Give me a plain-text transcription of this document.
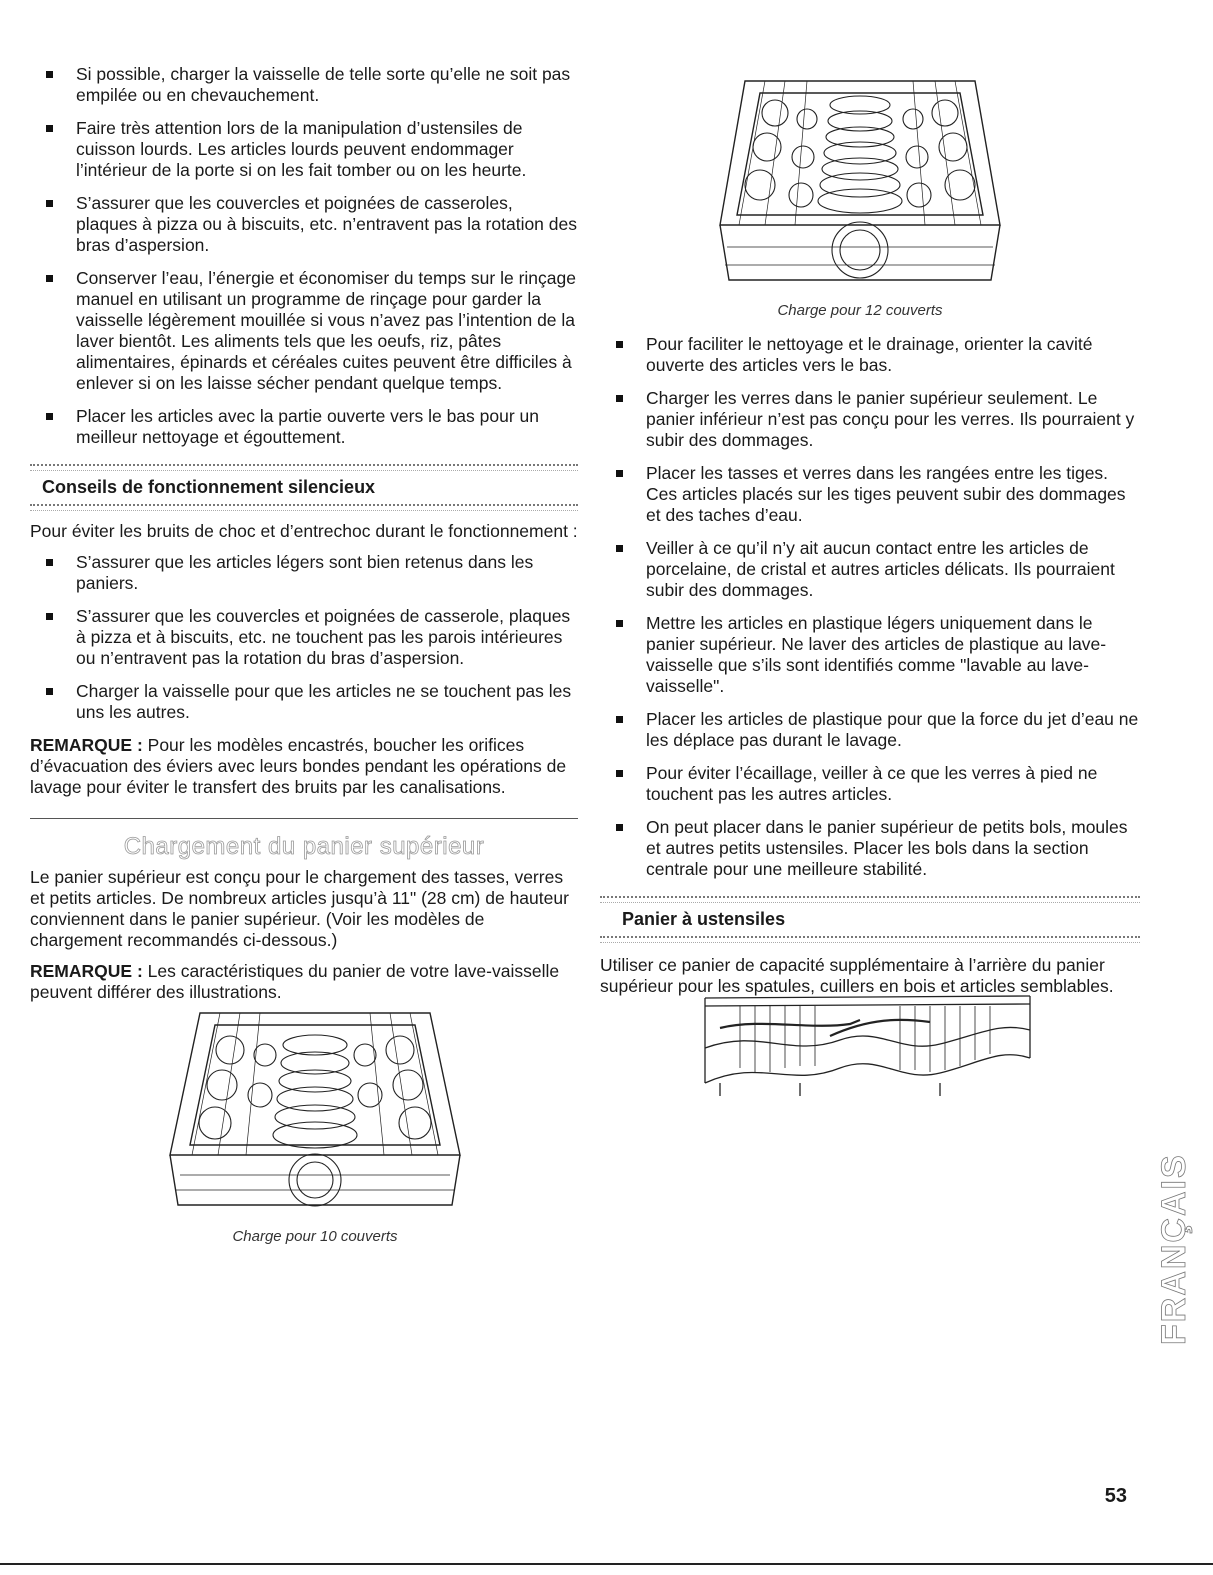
Si possible, charger la vaisselle de telle sorte qu’elle ne soit pas empilée ou en chevauchement.
Faire très attention lors de la manipulation d’ustensiles de cuisson lourds. Les articles lourds peuvent endommager l’intérieur de la porte si on les fait tomber ou on les heurte.
S’assurer que les couvercles et poignées de casseroles, plaques à pizza ou à biscuits, etc. n’entravent pas la rotation des bras d’aspersion.
Conserver l’eau, l’énergie et économiser du temps sur le rinçage manuel en utilisant un programme de rinçage pour garder la vaisselle légèrement mouillée si vous n’avez pas l’intention de la laver bientôt. Les aliments tels que les oeufs, riz, pâtes alimentaires, épinards et céréales cuites peuvent être difficiles à enlever si on les laisse sécher pendant quelque temps.
Placer les articles avec la partie ouverte vers le bas pour un meilleur nettoyage et égouttement.
Conseils de fonctionnement silencieux

Pour éviter les bruits de choc et d’entrechoc durant le fonctionnement :

S’assurer que les articles légers sont bien retenus dans les paniers.
S’assurer que les couvercles et poignées de casserole, plaques à pizza et à biscuits, etc. ne touchent pas les parois intérieures ou n’entravent pas la rotation du bras d’aspersion.
Charger la vaisselle pour que les articles ne se touchent pas les uns les autres.

REMARQUE : Pour les modèles encastrés, boucher les orifices d’évacuation des éviers avec leurs bondes pendant les opérations de lavage pour éviter le transfert des bruits par les canalisations.

Chargement du panier supérieur

Le panier supérieur est conçu pour le chargement des tasses, verres et petits articles. De nombreux articles jusqu’à 11" (28 cm) de hauteur conviennent dans le panier supérieur. (Voir les modèles de chargement recommandés ci-dessous.)

REMARQUE : Les caractéristiques du panier de votre lave-vaisselle peuvent différer des illustrations.

Charge pour 10 couverts
Pour faciliter le nettoyage et le drainage, orienter la cavité ouverte des articles vers le bas.
Charger les verres dans le panier supérieur seulement. Le panier inférieur n’est pas conçu pour les verres. Ils pourraient y subir des dommages.
Placer les tasses et verres dans les rangées entre les tiges. Ces articles placés sur les tiges peuvent subir des dommages et des taches d’eau.
Veiller à ce qu’il n’y ait aucun contact entre les articles de porcelaine, de cristal et autres articles délicats. Ils pourraient subir des dommages.
Mettre les articles en plastique légers uniquement dans le panier supérieur. Ne laver des articles de plastique au lave-vaisselle que s’ils sont identifiés comme "lavable au lave-vaisselle".
Placer les articles de plastique pour que la force du jet d’eau ne les déplace pas durant le lavage.
Pour éviter l’écaillage, veiller à ce que les verres à pied ne touchent pas les autres articles.
On peut placer dans le panier supérieur de petits bols, moules et autres petits ustensiles. Placer les bols dans la section centrale pour une meilleure stabilité.
Panier à ustensiles

Utiliser ce panier de capacité supplémentaire à l’arrière du panier supérieur pour les spatules, cuillers en bois et articles semblables.

Charge pour 12 couverts
FRANÇAIS
53
